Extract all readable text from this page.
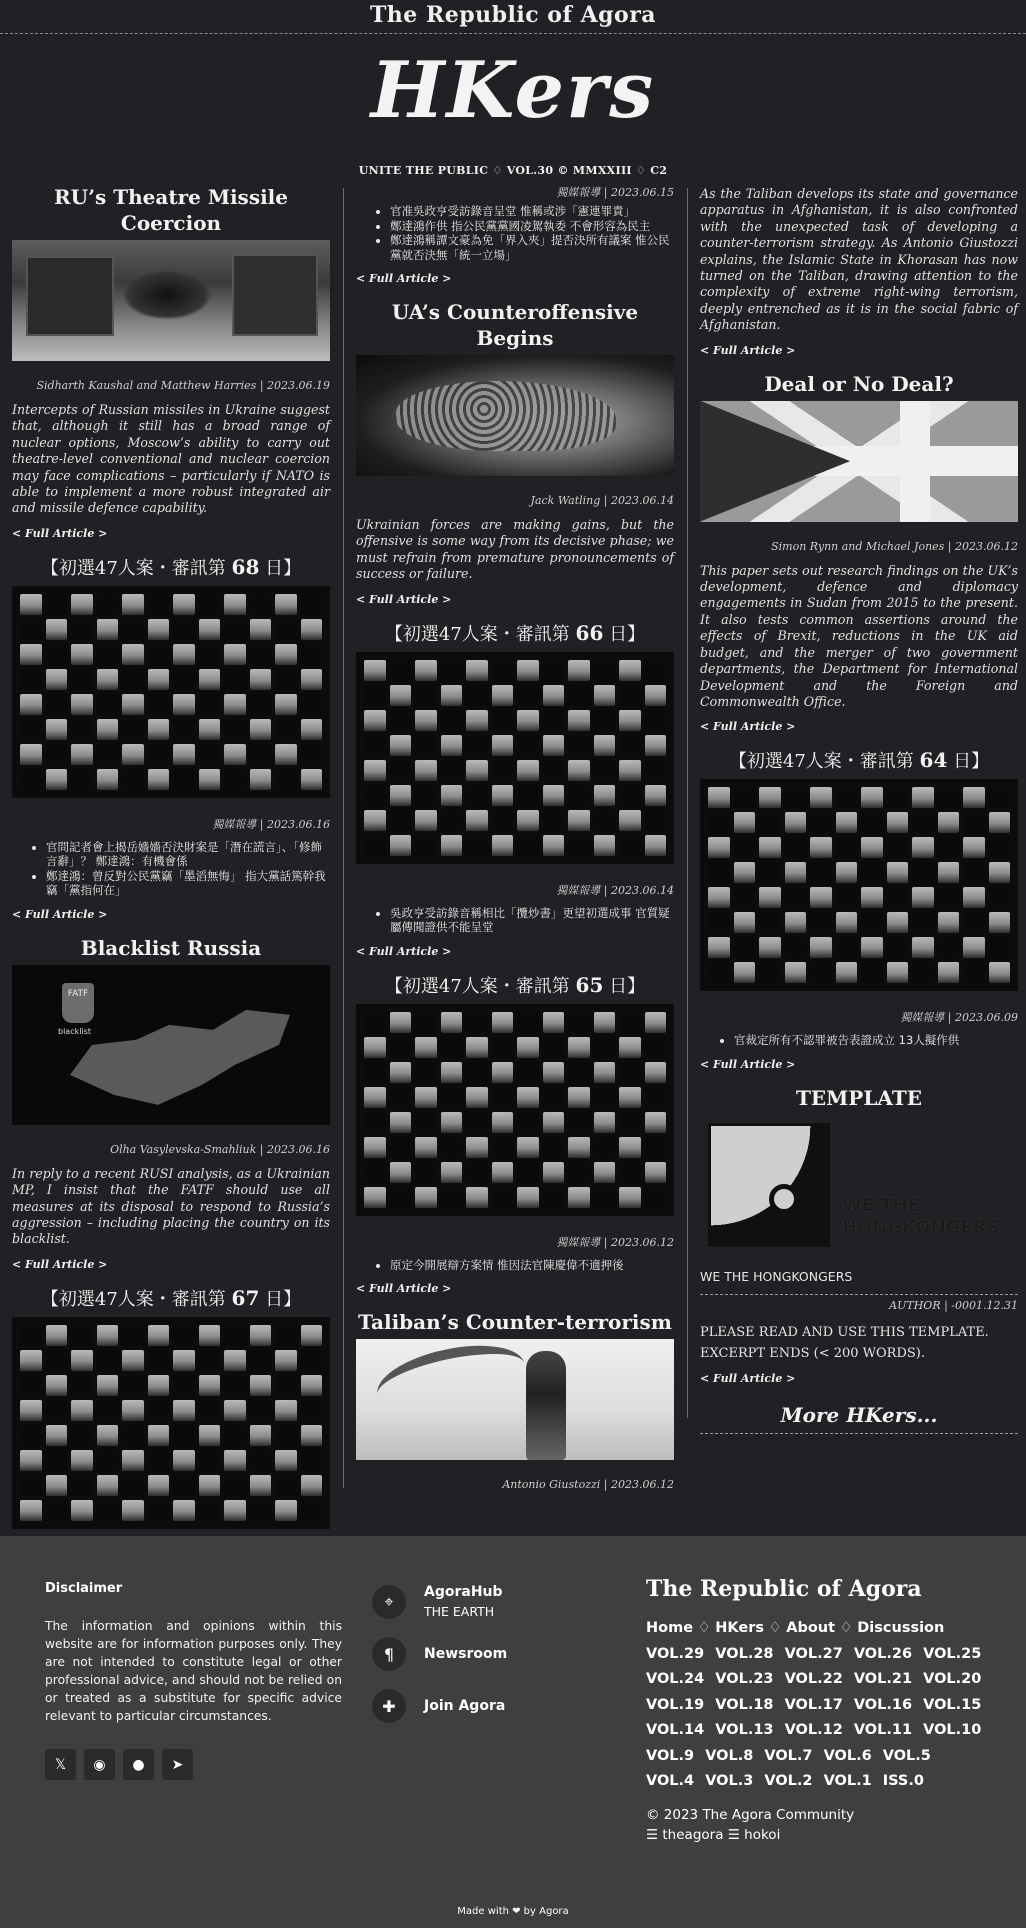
The Republic of Agora
HKers
UNITE THE PUBLIC ♢ VOL.30 © MMXXIII ♢ C2
RU’s Theatre Missile Coercion
Sidharth Kaushal and Matthew Harries | 2023.06.19
Intercepts of Russian missiles in Ukraine suggest that, although it still has a broad range of nuclear options, Moscow’s ability to carry out theatre-level conventional and nuclear coercion may face complications – particularly if NATO is able to implement a more robust integrated air and missile defence capability.
< Full Article >
【初選47人案・審訊第 68 日】
獨媒報導 | 2023.06.16
• 官問記者會上揭岳嬙嬙否決財案是「潛在謊言」、「修飾言辭」？ 鄭達鴻：有機會係
• 鄭達鴻：曾反對公民黨竊「墨滔無悔」 指大黨話篤幹我 竊「黨指何在」
< Full Article >
Blacklist Russia
FATF
blacklist
Olha Vasylevska-Smahliuk | 2023.06.16
In reply to a recent RUSI analysis, as a Ukrainian MP, I insist that the FATF should use all measures at its disposal to respond to Russia’s aggression – including placing the country on its blacklist.
< Full Article >
【初選47人案・審訊第 67 日】
獨媒報導 | 2023.06.15
• 官准吳政亨受訪錄音呈堂 惟稱或涉「憲連罪責」
• 鄭達鴻作供 指公民黨黨國凌駕執委 不會形容為民主
• 鄭達鴻稱譚文豪為免「界入夾」提否決所有議案 惟公民黨就否決無「統一立場」
< Full Article >
UA’s Counteroffensive Begins
Jack Watling | 2023.06.14
Ukrainian forces are making gains, but the offensive is some way from its decisive phase; we must refrain from premature pronouncements of success or failure.
< Full Article >
【初選47人案・審訊第 66 日】
獨媒報導 | 2023.06.14
• 吳政亨受訪錄音稱相比「攬炒書」更望初選成事 官質疑屬傳聞證供不能呈堂
< Full Article >
【初選47人案・審訊第 65 日】
獨媒報導 | 2023.06.12
• 原定今開展辯方案情 惟因法官陳慶偉不適押後
< Full Article >
Taliban’s Counter-terrorism
Antonio Giustozzi | 2023.06.12
As the Taliban develops its state and governance apparatus in Afghanistan, it is also confronted with the unexpected task of developing a counter-terrorism strategy. As Antonio Giustozzi explains, the Islamic State in Khorasan has now turned on the Taliban, drawing attention to the complexity of extreme right-wing terrorism, deeply entrenched as it is in the social fabric of Afghanistan.
< Full Article >
Deal or No Deal?
Simon Rynn and Michael Jones | 2023.06.12
This paper sets out research findings on the UK’s development, defence and diplomacy engagements in Sudan from 2015 to the present. It also tests common assertions around the effects of Brexit, reductions in the UK aid budget, and the merger of two government departments, the Department for International Development and the Foreign and Commonwealth Office.
< Full Article >
【初選47人案・審訊第 64 日】
獨媒報導 | 2023.06.09
• 官裁定所有不認罪被告表證成立 13人擬作供
< Full Article >
TEMPLATE
WE THE
HONGKONGERS
WE THE HONGKONGERS
AUTHOR | -0001.12.31
PLEASE READ AND USE THIS TEMPLATE.
EXCERPT ENDS (< 200 WORDS).
< Full Article >
More HKers...
Disclaimer

The information and opinions within this website are for information purposes only. They are not intended to constitute legal or other professional advice, and should not be relied on or treated as a substitute for specific advice relevant to particular circumstances.

𝕏	◉	●	➤
⌖	AgoraHub
THE EARTH
¶	Newsroom
✚	Join Agora
The Republic of Agora
Home ♢ HKers ♢ About ♢ Discussion
VOL.29 VOL.28 VOL.27 VOL.26 VOL.25 VOL.24 VOL.23 VOL.22 VOL.21 VOL.20 VOL.19 VOL.18 VOL.17 VOL.16 VOL.15 VOL.14 VOL.13 VOL.12 VOL.11 VOL.10 VOL.9 VOL.8 VOL.7 VOL.6 VOL.5 VOL.4 VOL.3 VOL.2 VOL.1 ISS.0
© 2023 The Agora Community
☰ theagora ☰ hokoi
Made with ❤ by Agora
